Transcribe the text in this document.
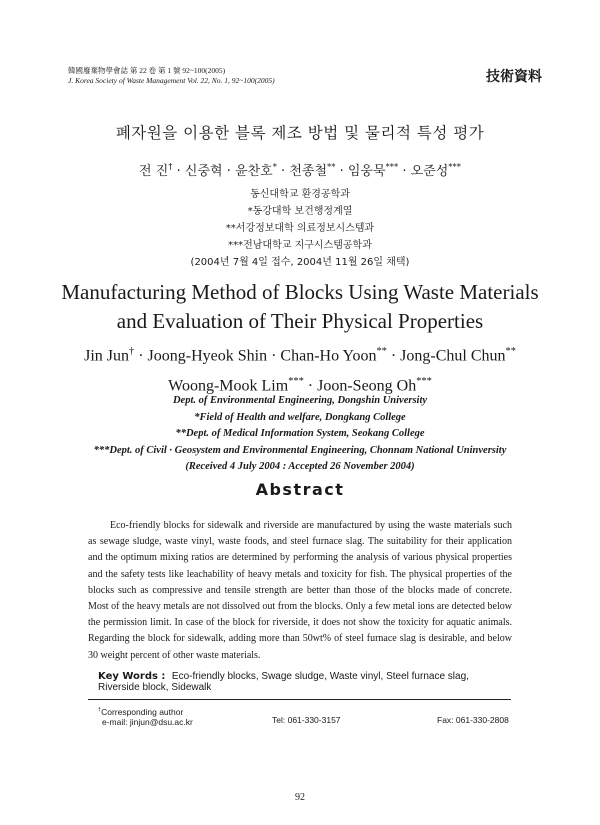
韓國廢棄物學會誌 第 22 卷 第 1 號 92~100(2005)
J. Korea Society of Waste Management Vol. 22, No. 1, 92~100(2005)	技術資料
폐자원을 이용한 블록 제조 방법 및 물리적 특성 평가
전 진† · 신중혁 · 윤찬호* · 천종철** · 임웅묵*** · 오준성***
동신대학교 환경공학과
*동강대학 보건행정계열
**서강정보대학 의료정보시스템과
***전남대학교 지구시스템공학과
(2004년 7월 4일 접수, 2004년 11월 26일 채택)
Manufacturing Method of Blocks Using Waste Materials
and Evaluation of Their Physical Properties
Jin Jun† · Joong-Hyeok Shin · Chan-Ho Yoon** · Jong-Chul Chun**
Woong-Mook Lim*** · Joon-Seong Oh***
Dept. of Environmental Engineering, Dongshin University
*Field of Health and welfare, Dongkang College
**Dept. of Medical Information System, Seokang College
***Dept. of Civil · Geosystem and Environmental Engineering, Chonnam National Uninversity
(Received 4 July 2004 : Accepted 26 November 2004)
Abstract

Eco-friendly blocks for sidewalk and riverside are manufactured by using the waste materials such as sewage sludge, waste vinyl, waste foods, and steel furnace slag. The suitability for their application and the optimum mixing ratios are determined by performing the analysis of various physical properties and the safety tests like leachability of heavy metals and toxicity for fish. The physical properties of the blocks such as compressive and tensile strength are better than those of the blocks made of concrete. Most of the heavy metals are not dissolved out from the blocks. Only a few metal ions are detected below the permission limit. In case of the block for riverside, it does not show the toxicity for aquatic animals. Regarding the block for sidewalk, adding more than 50wt% of steel furnace slag is desirable, and below 30 weight percent of other waste materials.

Key Words : Eco-friendly blocks, Swage sludge, Waste vinyl, Steel furnace slag, Riverside block, Sidewalk
†Corresponding author
e-mail: jinjun@dsu.ac.kr	Tel: 061-330-3157	Fax: 061-330-2808
92
